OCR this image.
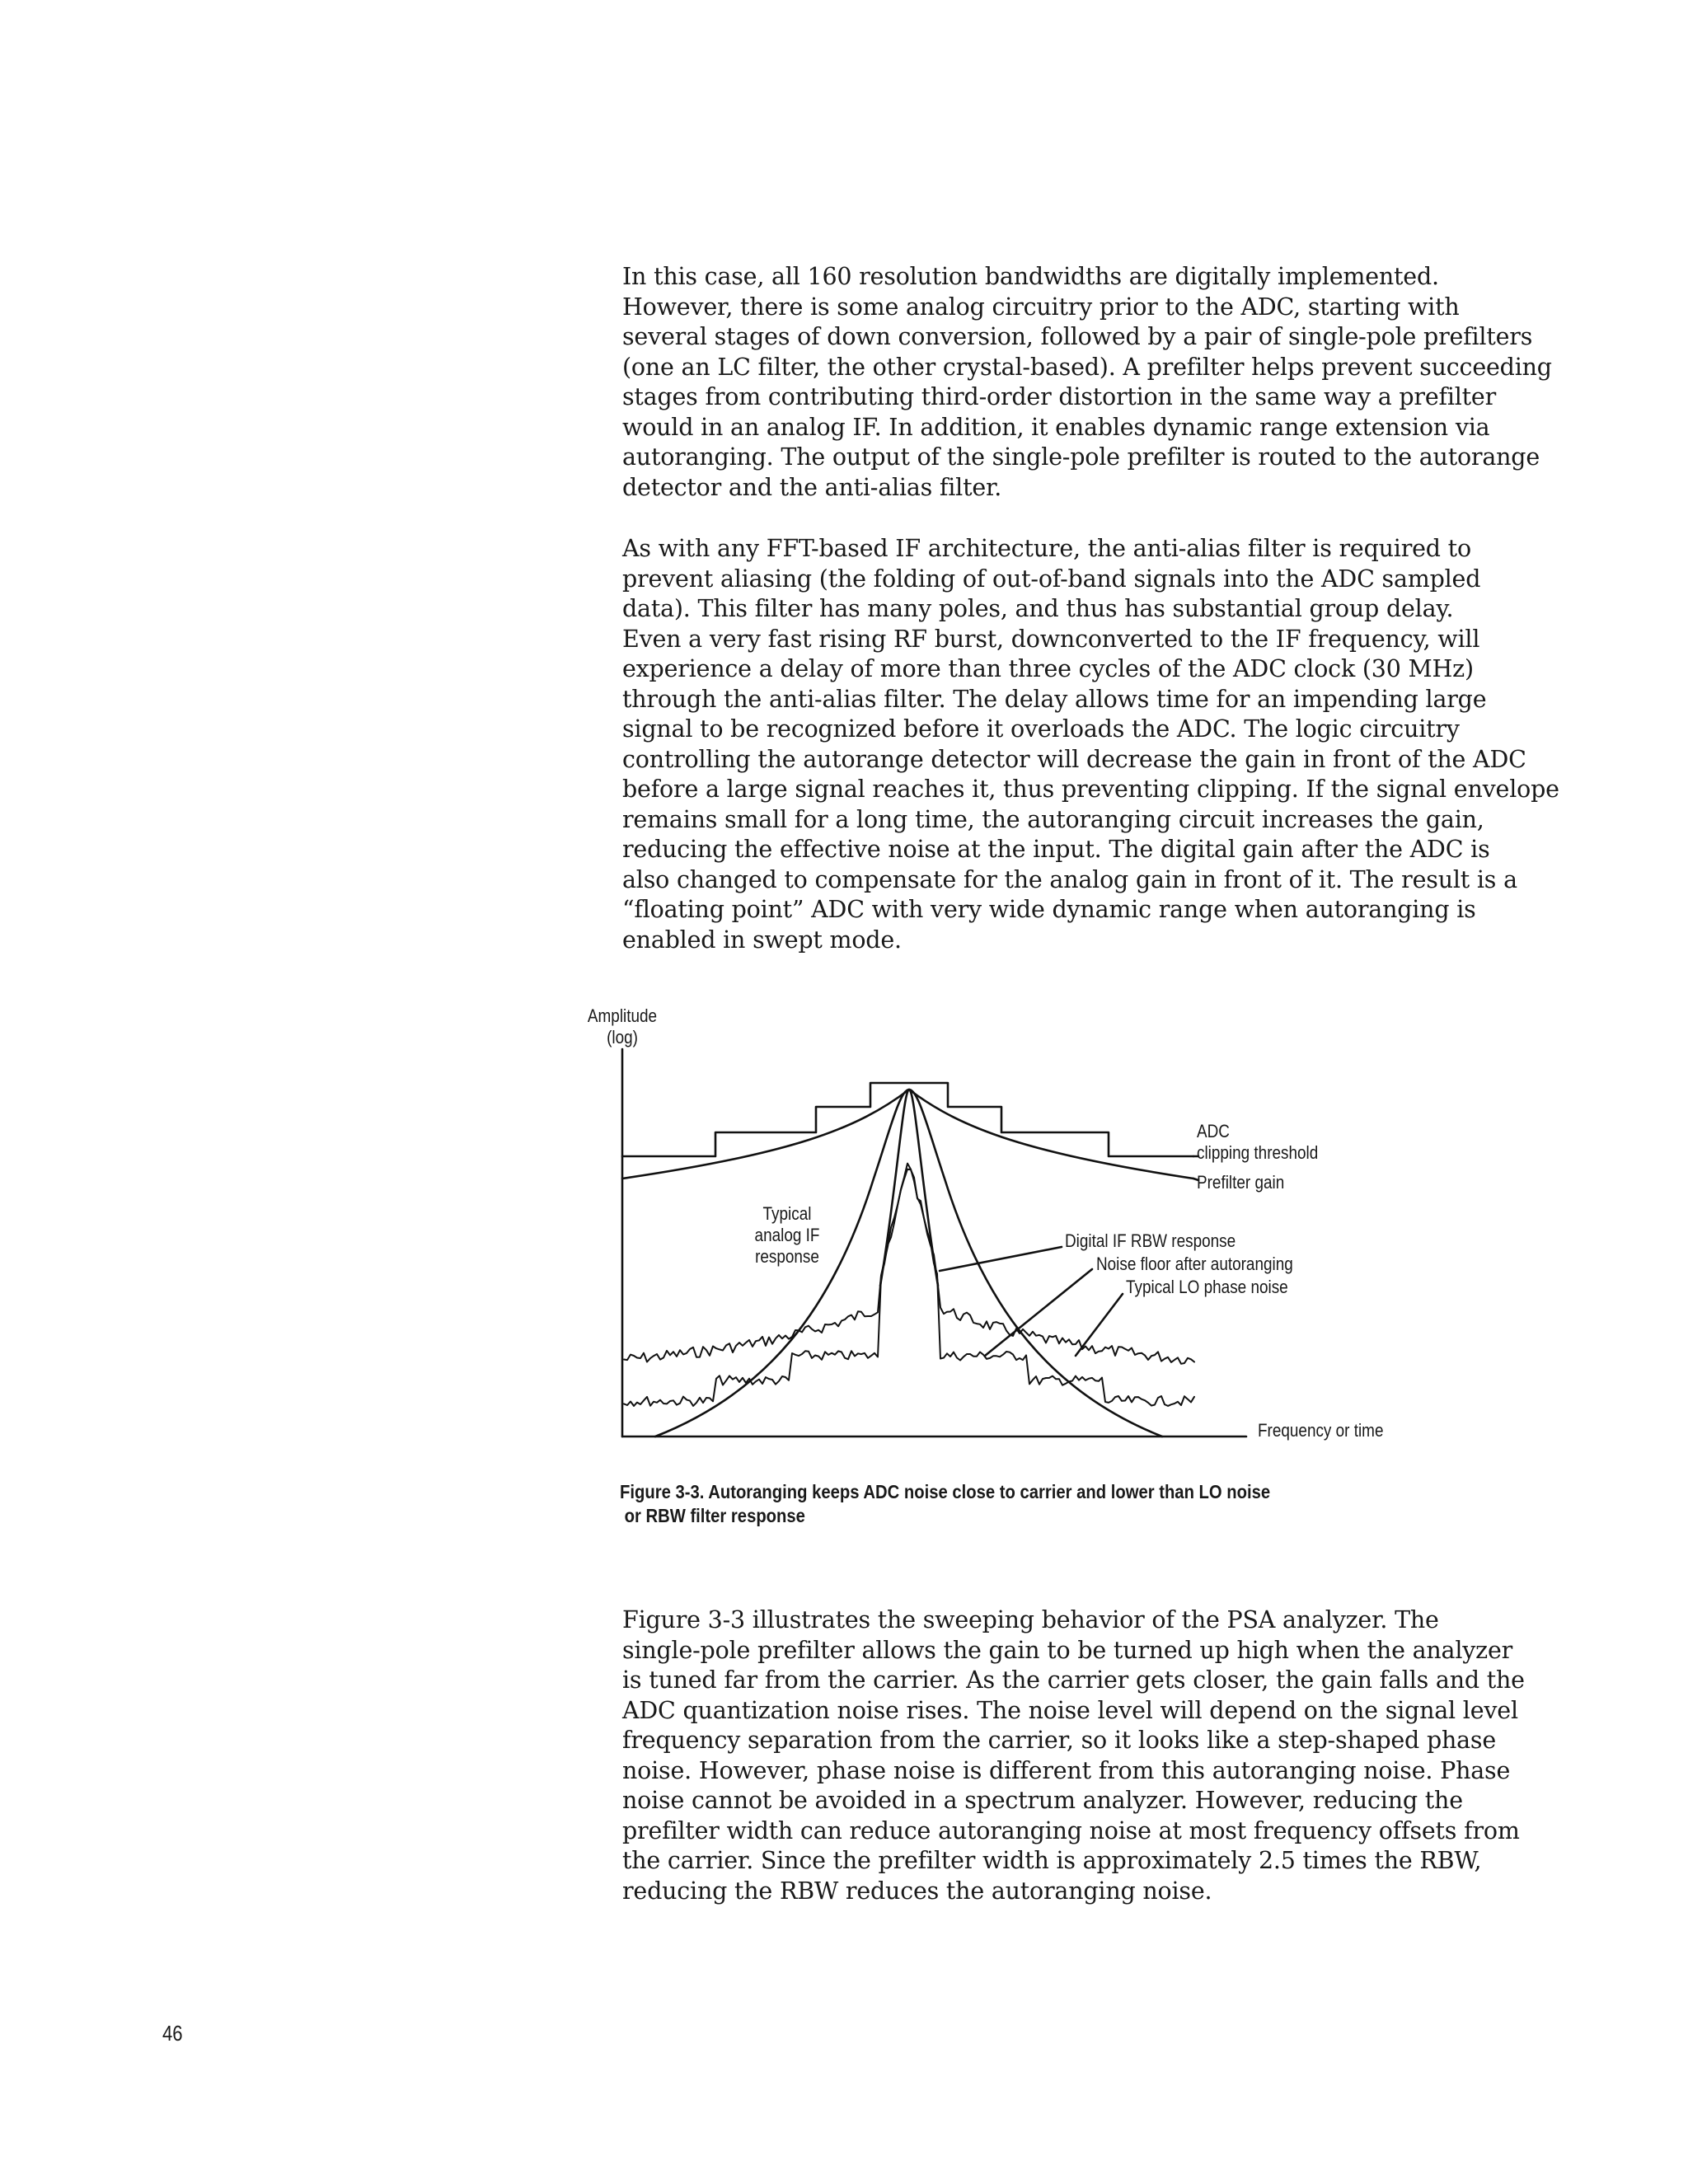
In this case, all 160 resolution bandwidths are digitally implemented.
However, there is some analog circuitry prior to the ADC, starting with
several stages of down conversion, followed by a pair of single-pole prefilters
(one an LC filter, the other crystal-based). A prefilter helps prevent succeeding
stages from contributing third-order distortion in the same way a prefilter
would in an analog IF. In addition, it enables dynamic range extension via
autoranging. The output of the single-pole prefilter is routed to the autorange
detector and the anti-alias filter.
As with any FFT-based IF architecture, the anti-alias filter is required to
prevent aliasing (the folding of out-of-band signals into the ADC sampled
data). This filter has many poles, and thus has substantial group delay.
Even a very fast rising RF burst, downconverted to the IF frequency, will
experience a delay of more than three cycles of the ADC clock (30 MHz)
through the anti-alias filter. The delay allows time for an impending large
signal to be recognized before it overloads the ADC. The logic circuitry
controlling the autorange detector will decrease the gain in front of the ADC
before a large signal reaches it, thus preventing clipping. If the signal envelope
remains small for a long time, the autoranging circuit increases the gain,
reducing the effective noise at the input. The digital gain after the ADC is
also changed to compensate for the analog gain in front of it. The result is a
“floating point” ADC with very wide dynamic range when autoranging is
enabled in swept mode.
Amplitude
(log)
ADC
clipping threshold
Prefilter gain
Typical
analog IF
response
Digital IF RBW response
Noise floor after autoranging
Typical LO phase noise
Frequency or time
Figure 3-3. Autoranging keeps ADC noise close to carrier and lower than LO noise
or RBW filter response
Figure 3-3 illustrates the sweeping behavior of the PSA analyzer. The
single-pole prefilter allows the gain to be turned up high when the analyzer
is tuned far from the carrier. As the carrier gets closer, the gain falls and the
ADC quantization noise rises. The noise level will depend on the signal level
frequency separation from the carrier, so it looks like a step-shaped phase
noise. However, phase noise is different from this autoranging noise. Phase
noise cannot be avoided in a spectrum analyzer. However, reducing the
prefilter width can reduce autoranging noise at most frequency offsets from
the carrier. Since the prefilter width is approximately 2.5 times the RBW,
reducing the RBW reduces the autoranging noise.
46
